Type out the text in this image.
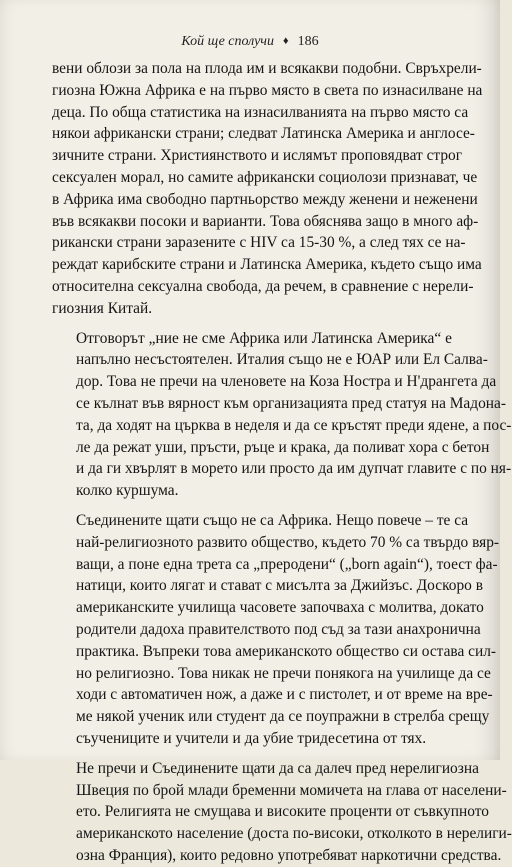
Кой ще сполучи ♦ 186
вени облози за пола на плода им и всякакви подобни. Свръхрели-
гиозна Южна Африка е на първо място в света по изнасилване на
деца. По обща статистика на изнасилванията на първо място са
някои африкански страни; следват Латинска Америка и англосе-
зичните страни. Християнството и ислямът проповядват строг
сексуален морал, но самите африкански социолози признават, че
в Африка има свободно партньорство между женени и неженени
във всякакви посоки и варианти. Това обяснява защо в много аф-
рикански страни заразените с HIV са 15-30 %, а след тях се на-
реждат карибските страни и Латинска Америка, където също има
относителна сексуална свобода, да речем, в сравнение с нерели-
гиозния Китай.
Отговорът „ние не сме Африка или Латинска Америка“ е
напълно несъстоятелен. Италия също не е ЮАР или Ел Салва-
дор. Това не пречи на членовете на Коза Ностра и Н'дрангета да
се кълнат във вярност към организацията пред статуя на Мадона-
та, да ходят на църква в неделя и да се кръстят преди ядене, а пос-
ле да режат уши, пръсти, ръце и крака, да поливат хора с бетон
и да ги хвърлят в морето или просто да им дупчат главите с по ня-
колко куршума.
Съединените щати също не са Африка. Нещо повече – те са
най-религиозното развито общество, където 70 % са твърдо вяр-
ващи, а поне една трета са „преродени“ („born again“), тоест фа-
натици, които лягат и стават с мисълта за Джийзъс. Доскоро в
американските училища часовете започваха с молитва, докато
родители дадоха правителството под съд за тази анахронична
практика. Въпреки това американското общество си остава сил-
но религиозно. Това никак не пречи понякога на училище да се
ходи с автоматичен нож, а даже и с пистолет, и от време на вре-
ме някой ученик или студент да се поупражни в стрелба срещу
съучениците и учители и да убие тридесетина от тях.
Не пречи и Съединените щати да са далеч пред нерелигиозна
Швеция по брой млади бременни момичета на глава от населени-
ето. Религията не смущава и високите проценти от съвкупното
американското население (доста по-високи, отколкото в нерелиги-
озна Франция), които редовно употребяват наркотични средства.
